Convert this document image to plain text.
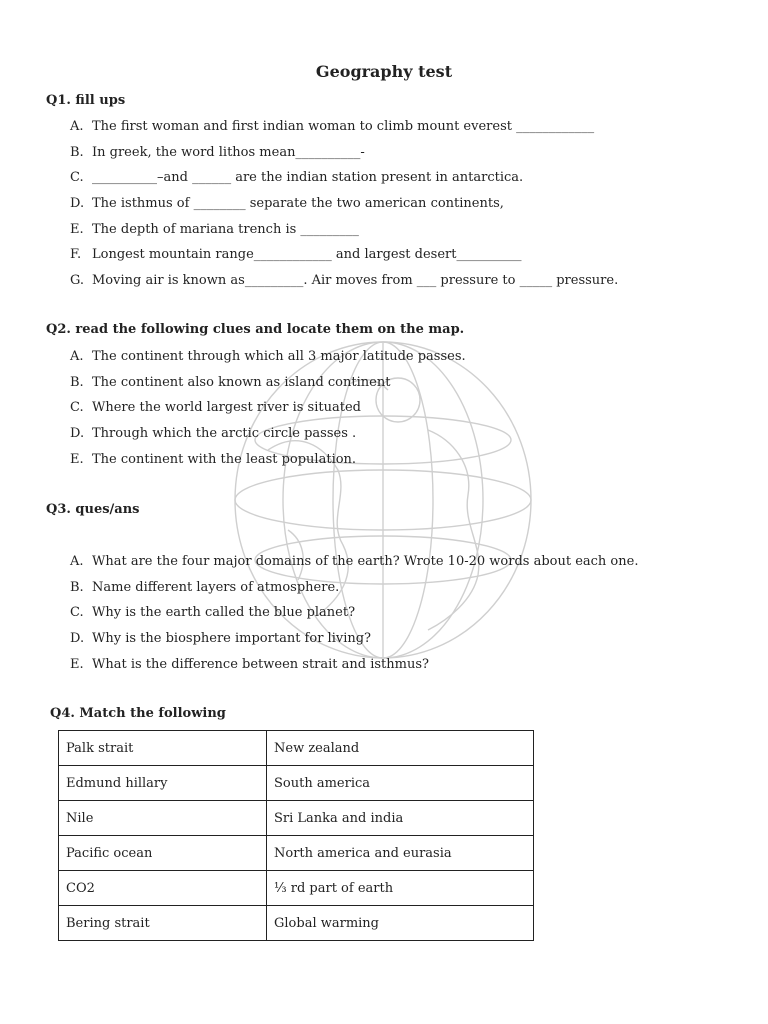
Geography test
Q1. fill ups
A. The first woman and first indian woman to climb mount everest ____________
B. In greek, the word lithos mean__________-
C. __________–and ______ are the indian station present in antarctica.
D. The isthmus of ________ separate the two american continents,
E. The depth of mariana trench is _________
F. Longest mountain range____________ and largest desert__________
G. Moving air is known as_________. Air moves from ___ pressure to _____ pressure.
Q2. read the following clues and locate them on the map.
A. The continent through which all 3 major latitude passes.
B. The continent also known as island continent
C. Where the world largest river is situated
D. Through which the arctic circle passes .
E. The continent with the least population.
Q3. ques/ans
A. What are the four major domains of the earth? Wrote 10-20 words about each one.
B. Name different layers of atmosphere.
C. Why is the earth called the blue planet?
D. Why is the biosphere important for living?
E. What is the difference between strait and isthmus?
Q4. Match the following
Palk strait	New zealand
Edmund hillary	South america
Nile	Sri Lanka and india
Pacific ocean	North america and eurasia
CO2	⅓ rd part of earth
Bering strait	Global warming
